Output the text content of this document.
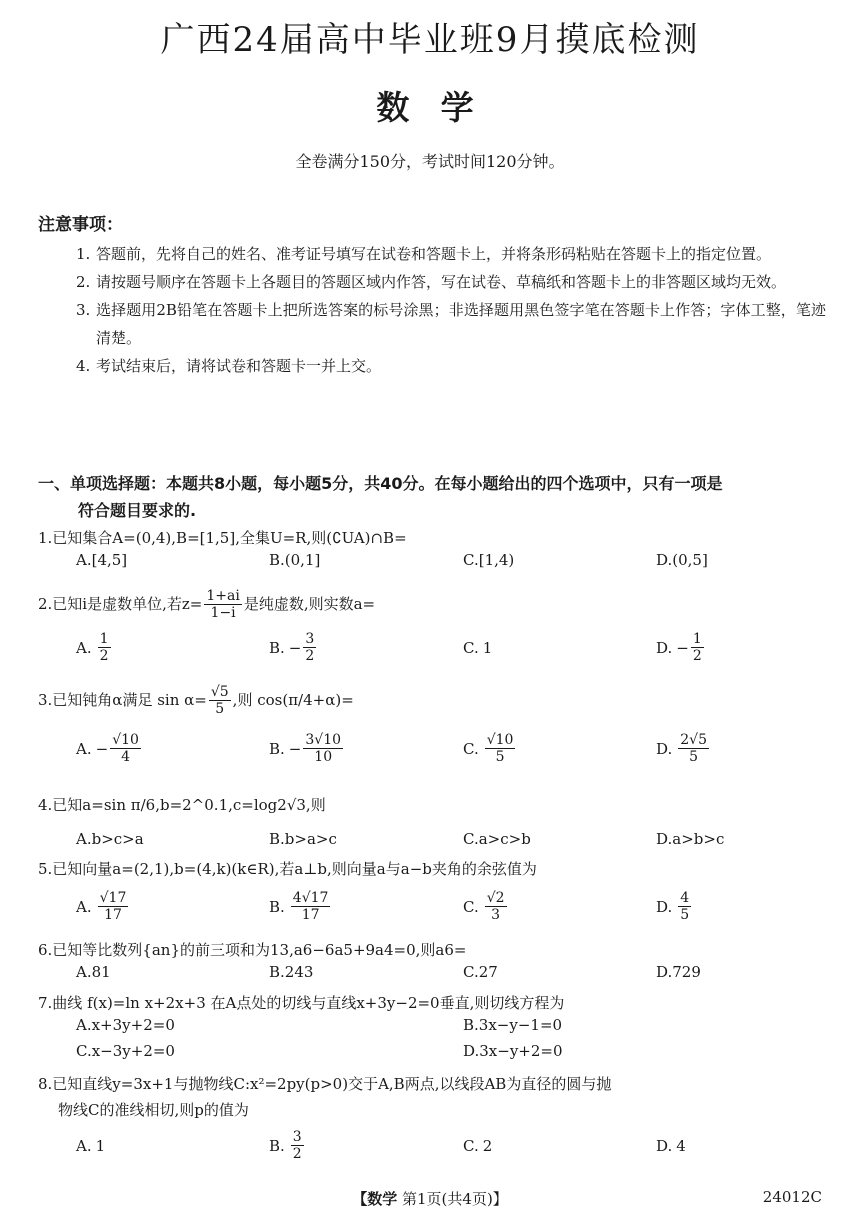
广西24届高中毕业班9月摸底检测
数 学
全卷满分150分，考试时间120分钟。
注意事项：
1. 答题前，先将自己的姓名、准考证号填写在试卷和答题卡上，并将条形码粘贴在答题卡上的指定位置。
2. 请按题号顺序在答题卡上各题目的答题区域内作答，写在试卷、草稿纸和答题卡上的非答题区域均无效。
3. 选择题用2B铅笔在答题卡上把所选答案的标号涂黑；非选择题用黑色签字笔在答题卡上作答；字体工整，笔迹清楚。
4. 考试结束后，请将试卷和答题卡一并上交。
一、单项选择题：本题共8小题，每小题5分，共40分。在每小题给出的四个选项中，只有一项是
符合题目要求的.
1.已知集合A=(0,4),B=[1,5],全集U=R,则(∁UA)∩B=
A.[4,5]	B.(0,1]	C.[1,4)	D.(0,5]
2.已知i是虚数单位,若$z= \frac{1+ai}{1-i}$ 是纯虚数,则实数a=
A. $\frac{1}{2}$	B. − $\frac{3}{2}$	C. 1	D. − $\frac{1}{2}$
3.已知钝角α满足 $\sin \alpha= \frac{√5}{5}$ ,则 cos(π/4+α)=
A. − $\frac{√10}{4}$	B. − $\frac{3√10}{10}$	C. $\frac{√10}{5}$	D. $\frac{2√5}{5}$
4.已知a=sin π/6,b=2^0.1,c=log2√3,则
A.b>c>a	B.b>a>c	C.a>c>b	D.a>b>c
5.已知向量a=(2,1),b=(4,k)(k∈R),若a⊥b,则向量a与a−b夹角的余弦值为
A. $\frac{√17}{17}$	B. $\frac{4√17}{17}$	C. $\frac{√2}{3}$	D. $\frac{4}{5}$
6.已知等比数列{an}的前三项和为13,a6−6a5+9a4=0,则a6=
A.81	B.243	C.27	D.729
7.曲线 f(x)=ln x+2x+3 在A点处的切线与直线x+3y−2=0垂直,则切线方程为
A.x+3y+2=0	B.3x−y−1=0
C.x−3y+2=0	D.3x−y+2=0
8.已知直线y=3x+1与抛物线C:x²=2py(p>0)交于A,B两点,以线段AB为直径的圆与抛
物线C的准线相切,则p的值为
A. 1	B. $\frac{3}{2}$	C. 2	D. 4
【数学 第1页(共4页)】	24012C
